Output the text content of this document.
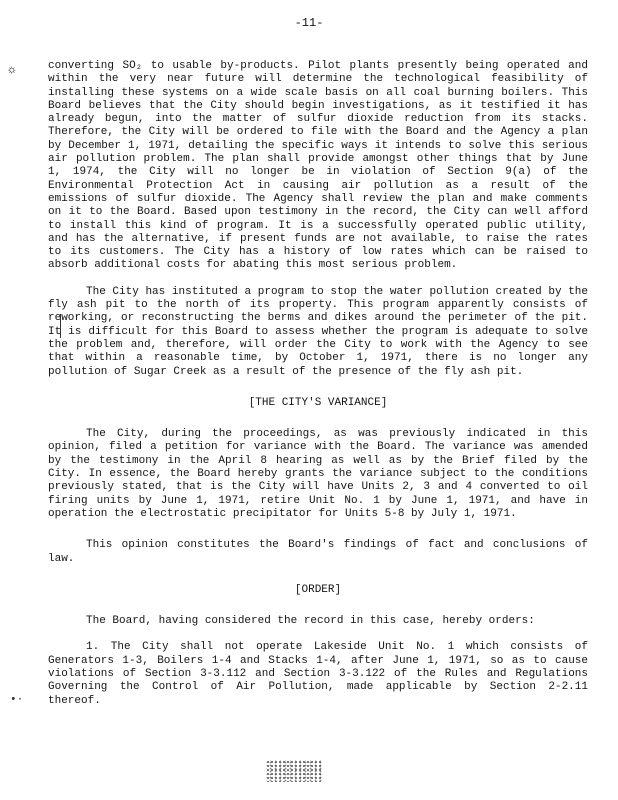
-11-
☼
•·

converting SO₂ to usable by-products. Pilot plants presently being operated and within the very near future will determine the technological feasibility of installing these systems on a wide scale basis on all coal burning boilers. This Board believes that the City should begin investigations, as it testified it has already begun, into the matter of sulfur dioxide reduction from its stacks. Therefore, the City will be ordered to file with the Board and the Agency a plan by December 1, 1971, detailing the specific ways it intends to solve this serious air pollution problem. The plan shall provide amongst other things that by June 1, 1974, the City will no longer be in violation of Section 9(a) of the Environmental Protection Act in causing air pollution as a result of the emissions of sulfur dioxide. The Agency shall review the plan and make comments on it to the Board. Based upon testimony in the record, the City can well afford to install this kind of program. It is a successfully operated public utility, and has the alternative, if present funds are not available, to raise the rates to its customers. The City has a history of low rates which can be raised to absorb additional costs for abating this most serious problem.

The City has instituted a program to stop the water pollution created by the fly ash pit to the north of its property. This program apparently consists of reworking, or reconstructing the berms and dikes around the perimeter of the pit. It is difficult for this Board to assess whether the program is adequate to solve the problem and, therefore, will order the City to work with the Agency to see that within a reasonable time, by October 1, 1971, there is no longer any pollution of Sugar Creek as a result of the presence of the fly ash pit.

[THE CITY'S VARIANCE]

The City, during the proceedings, as was previously indicated in this opinion, filed a petition for variance with the Board. The variance was amended by the testimony in the April 8 hearing as well as by the Brief filed by the City. In essence, the Board hereby grants the variance subject to the conditions previously stated, that is the City will have Units 2, 3 and 4 converted to oil firing units by June 1, 1971, retire Unit No. 1 by June 1, 1971, and have in operation the electrostatic precipitator for Units 5-8 by July 1, 1971.

This opinion constitutes the Board's findings of fact and conclusions of law.

[ORDER]

The Board, having considered the record in this case, hereby orders:

1. The City shall not operate Lakeside Unit No. 1 which consists of Generators 1-3, Boilers 1-4 and Stacks 1-4, after June 1, 1971, so as to cause violations of Section 3-3.112 and Section 3-3.122 of the Rules and Regulations Governing the Control of Air Pollution, made applicable by Section 2-2.11 thereof.
